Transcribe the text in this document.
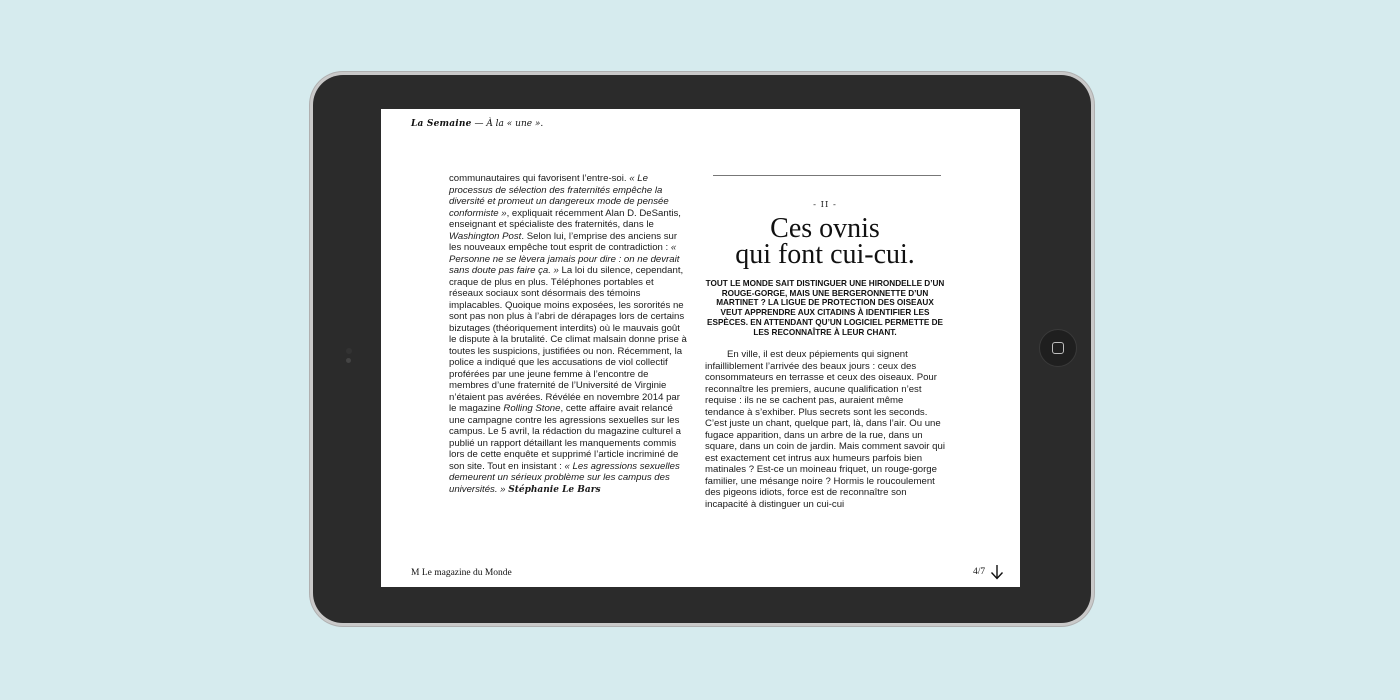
La Semaine — À la « une ».

communautaires qui favorisent l’entre-soi. « Le processus de sélection des fraternités empêche la diversité et promeut un dangereux mode de pensée conformiste », expliquait récemment Alan D. DeSantis, enseignant et spécialiste des fraternités, dans le Washington Post. Selon lui, l’emprise des anciens sur les nouveaux empêche tout esprit de contradiction : « Personne ne se lèvera jamais pour dire : on ne devrait sans doute pas faire ça. » La loi du silence, cependant, craque de plus en plus. Téléphones portables et réseaux sociaux sont désormais des témoins implacables. Quoique moins exposées, les sororités ne sont pas non plus à l’abri de dérapages lors de certains bizutages (théoriquement interdits) où le mauvais goût le dispute à la brutalité. Ce climat malsain donne prise à toutes les suspicions, justifiées ou non. Récemment, la police a indiqué que les accusations de viol collectif proférées par une jeune femme à l’encontre de membres d’une fraternité de l’Université de Virginie n’étaient pas avérées. Révélée en novembre 2014 par le magazine Rolling Stone, cette affaire avait relancé une campagne contre les agressions sexuelles sur les campus. Le 5 avril, la rédaction du magazine culturel a publié un rapport détaillant les manquements commis lors de cette enquête et supprimé l’article incriminé de son site. Tout en insistant : « Les agressions sexuelles demeurent un sérieux problème sur les campus des universités. » Stéphanie Le Bars

- II -
Ces ovnis
qui font cui-cui.
TOUT LE MONDE SAIT DISTINGUER UNE HIRONDELLE D’UN ROUGE-GORGE, MAIS UNE BERGERONNETTE D’UN MARTINET ? LA LIGUE DE PROTECTION DES OISEAUX VEUT APPRENDRE AUX CITADINS À IDENTIFIER LES ESPÈCES. EN ATTENDANT QU’UN LOGICIEL PERMETTE DE LES RECONNAÎTRE À LEUR CHANT.

En ville, il est deux pépiements qui signent infailliblement l’arrivée des beaux jours : ceux des consommateurs en terrasse et ceux des oiseaux. Pour reconnaître les premiers, aucune qualification n’est requise : ils ne se cachent pas, auraient même tendance à s’exhiber. Plus secrets sont les seconds. C’est juste un chant, quelque part, là, dans l’air. Ou une fugace apparition, dans un arbre de la rue, dans un square, dans un coin de jardin. Mais comment savoir qui est exactement cet intrus aux humeurs parfois bien matinales ? Est-ce un moineau friquet, un rouge-gorge familier, une mésange noire ? Hormis le roucoulement des pigeons idiots, force est de reconnaître son incapacité à distinguer un cui-cui

M Le magazine du Monde	4/7
